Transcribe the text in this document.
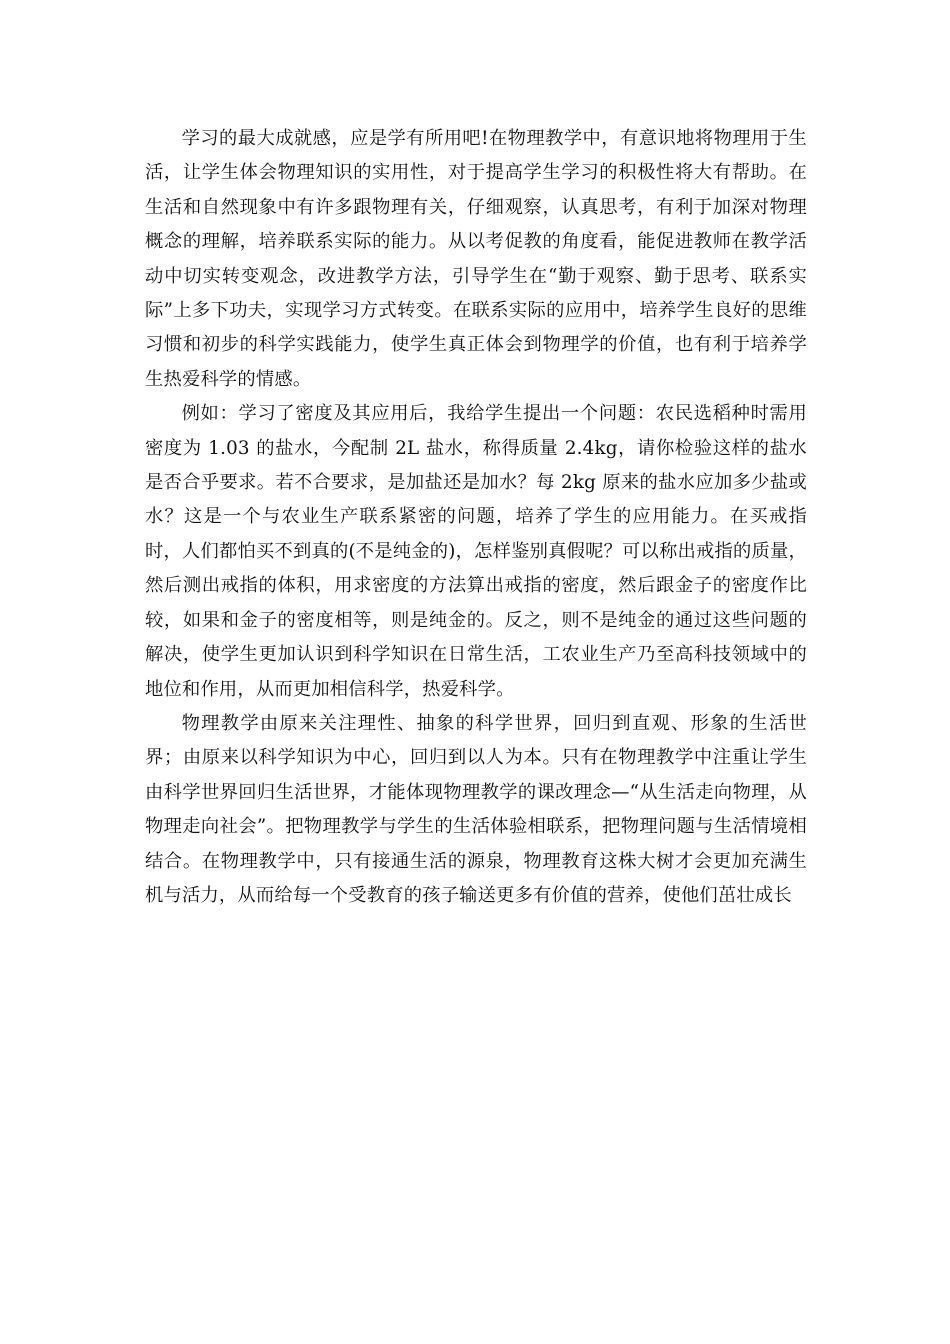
学习的最大成就感，应是学有所用吧!在物理教学中，有意识地将物理用于生活，让学生体会物理知识的实用性，对于提高学生学习的积极性将大有帮助。在生活和自然现象中有许多跟物理有关，仔细观察，认真思考，有利于加深对物理概念的理解，培养联系实际的能力。从以考促教的角度看，能促进教师在教学活动中切实转变观念，改进教学方法，引导学生在“勤于观察、勤于思考、联系实际”上多下功夫，实现学习方式转变。在联系实际的应用中，培养学生良好的思维习惯和初步的科学实践能力，使学生真正体会到物理学的价值，也有利于培养学生热爱科学的情感。

例如：学习了密度及其应用后，我给学生提出一个问题：农民选稻种时需用密度为 1.03 的盐水，今配制 2L 盐水，称得质量 2.4kg，请你检验这样的盐水是否合乎要求。若不合要求，是加盐还是加水？每 2kg 原来的盐水应加多少盐或水？这是一个与农业生产联系紧密的问题，培养了学生的应用能力。在买戒指时，人们都怕买不到真的(不是纯金的)，怎样鉴别真假呢？可以称出戒指的质量，然后测出戒指的体积，用求密度的方法算出戒指的密度，然后跟金子的密度作比较，如果和金子的密度相等，则是纯金的。反之，则不是纯金的通过这些问题的解决，使学生更加认识到科学知识在日常生活，工农业生产乃至高科技领域中的地位和作用，从而更加相信科学，热爱科学。

物理教学由原来关注理性、抽象的科学世界，回归到直观、形象的生活世界；由原来以科学知识为中心，回归到以人为本。只有在物理教学中注重让学生由科学世界回归生活世界，才能体现物理教学的课改理念—“从生活走向物理，从物理走向社会”。把物理教学与学生的生活体验相联系，把物理问题与生活情境相结合。在物理教学中，只有接通生活的源泉，物理教育这株大树才会更加充满生机与活力，从而给每一个受教育的孩子输送更多有价值的营养，使他们茁壮成长
